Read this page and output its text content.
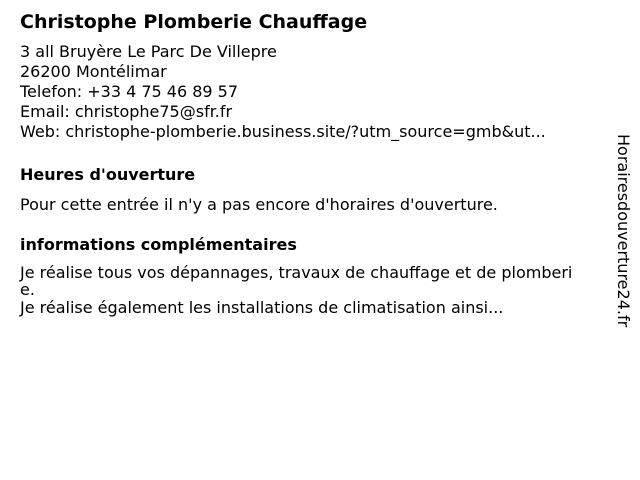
Christophe Plomberie Chauffage
3 all Bruyère Le Parc De Villepre
26200 Montélimar
Telefon: +33 4 75 46 89 57
Email: christophe75@sfr.fr
Web: christophe-plomberie.business.site/?utm_source=gmb&ut...
Heures d'ouverture
Pour cette entrée il n'y a pas encore d'horaires d'ouverture.
informations complémentaires
Je réalise tous vos dépannages, travaux de chauffage et de plomberie.
Je réalise également les installations de climatisation ainsi...	Horairesdouverture24.fr
